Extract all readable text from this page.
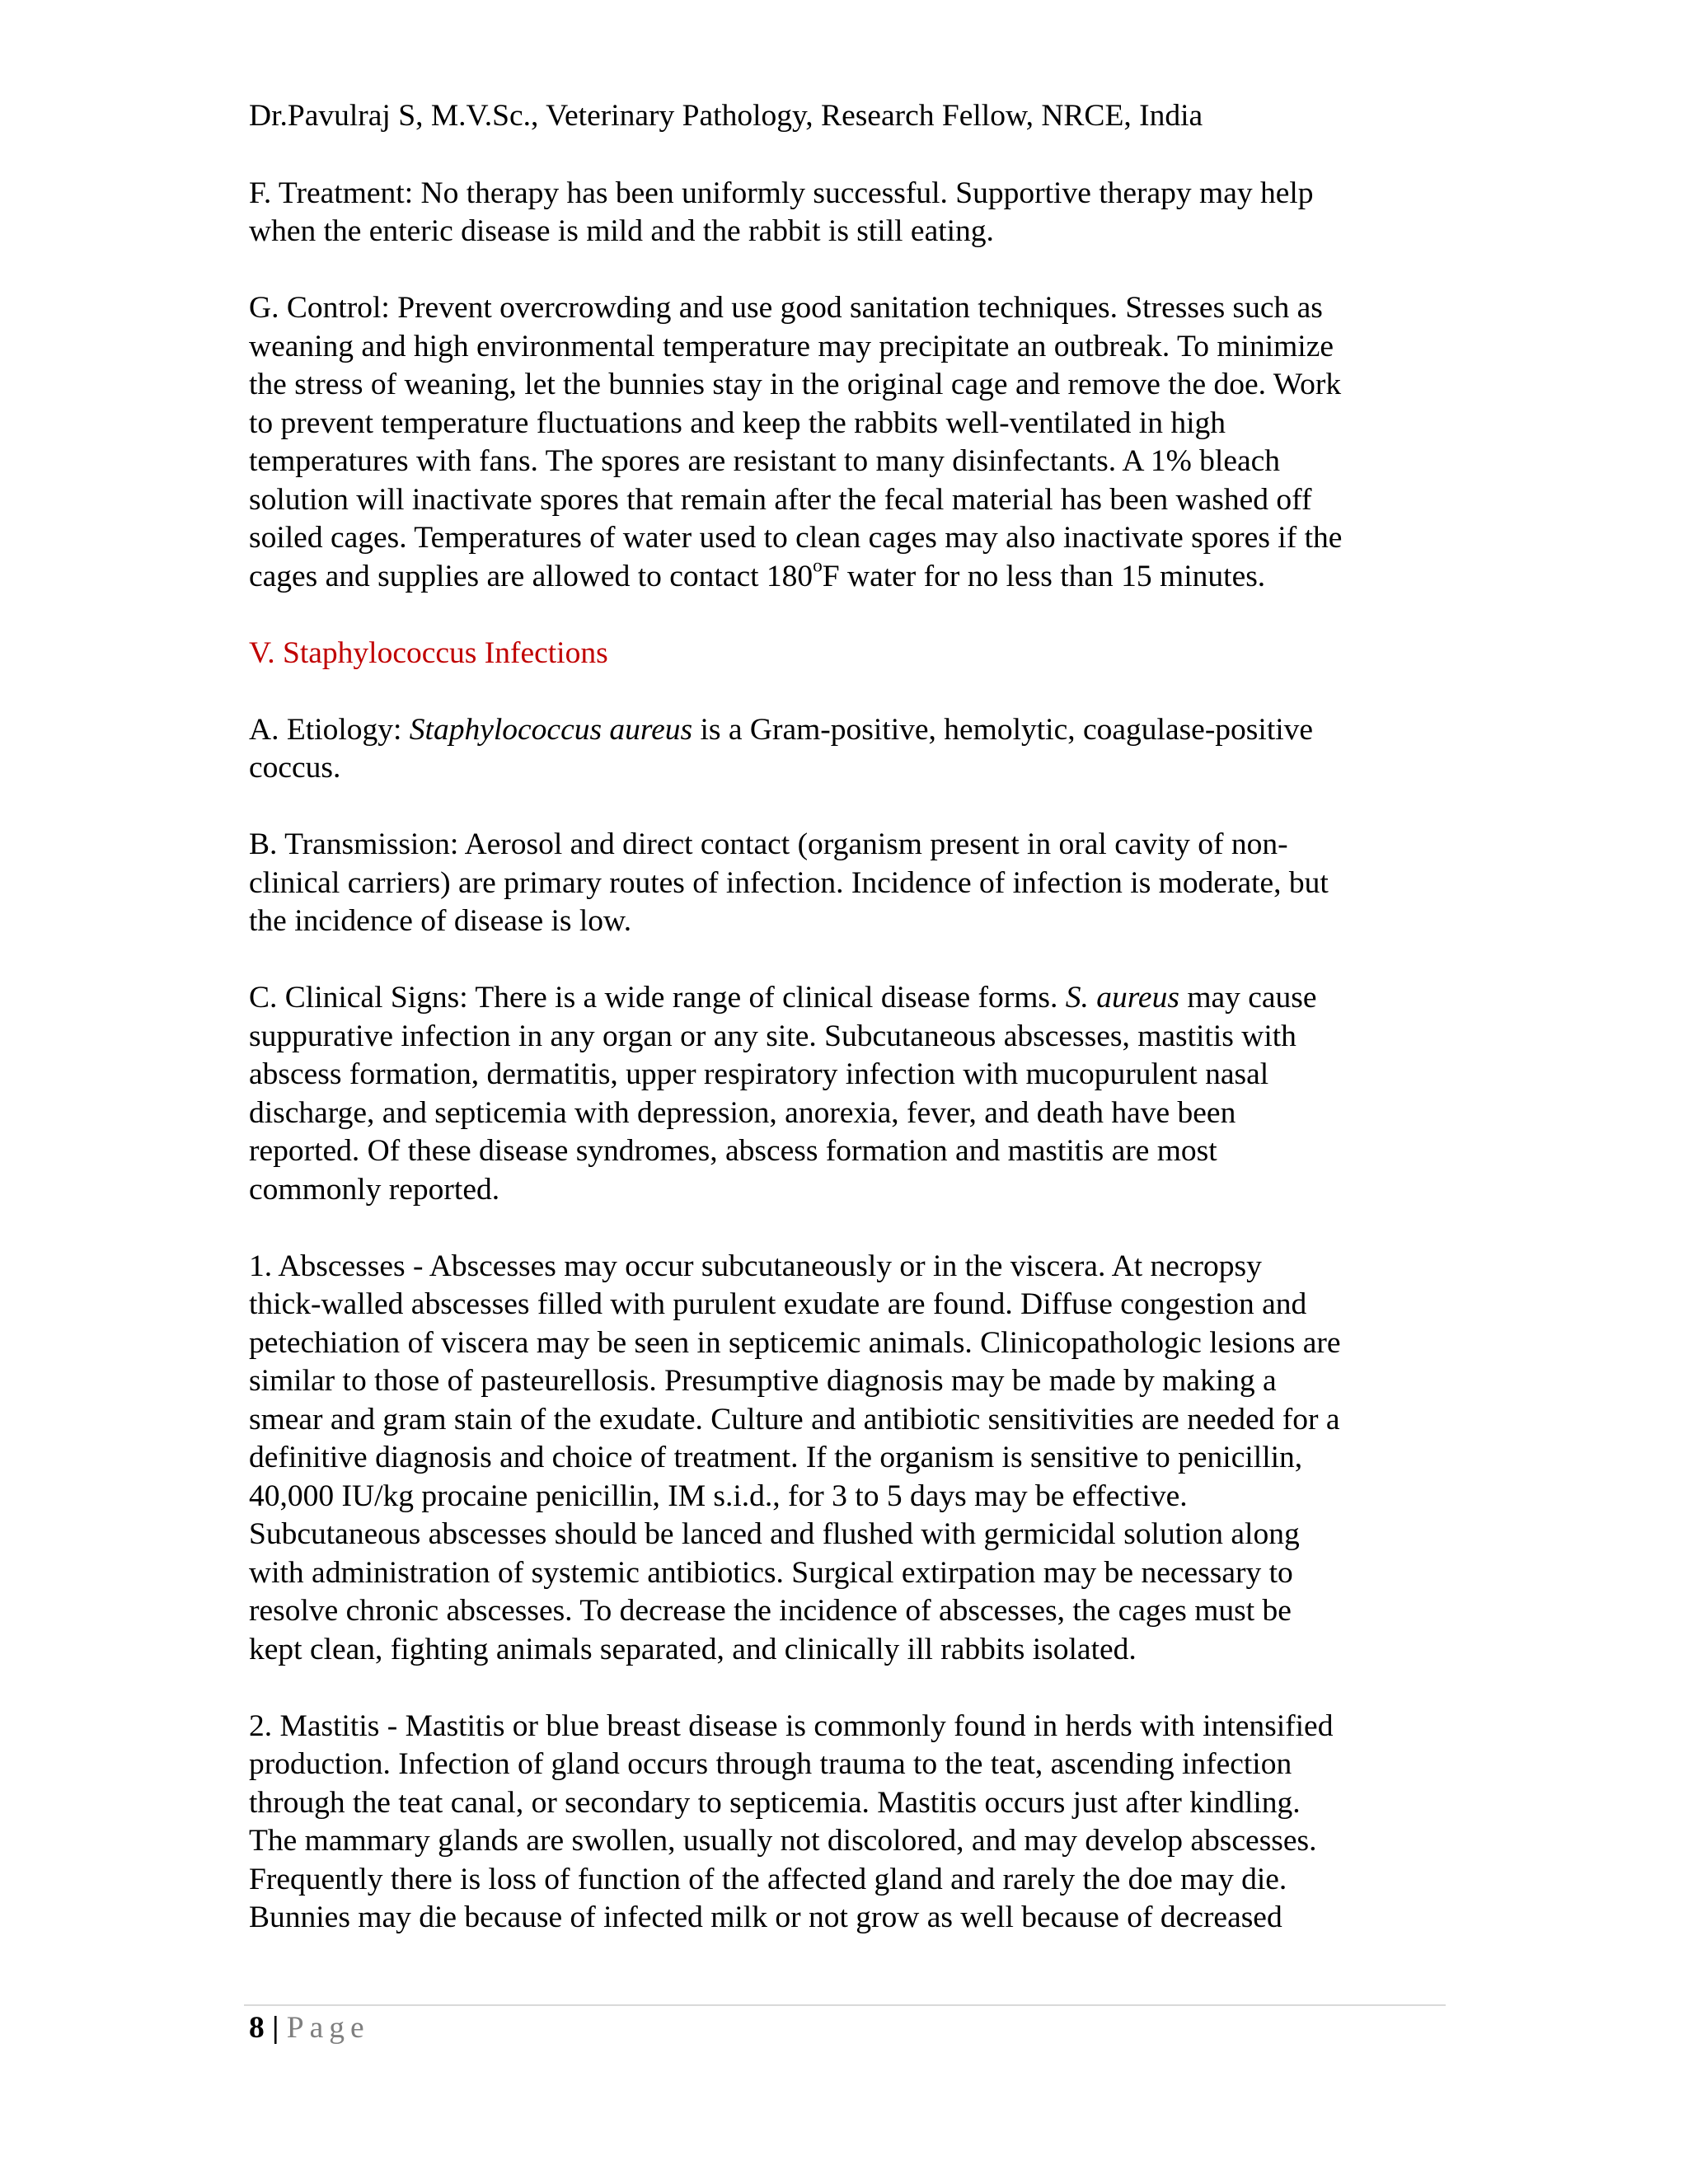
Dr.Pavulraj S, M.V.Sc., Veterinary Pathology, Research Fellow, NRCE, India
F. Treatment: No therapy has been uniformly successful. Supportive therapy may help
when the enteric disease is mild and the rabbit is still eating.
G. Control: Prevent overcrowding and use good sanitation techniques. Stresses such as
weaning and high environmental temperature may precipitate an outbreak. To minimize
the stress of weaning, let the bunnies stay in the original cage and remove the doe. Work
to prevent temperature fluctuations and keep the rabbits well-ventilated in high
temperatures with fans. The spores are resistant to many disinfectants. A 1% bleach
solution will inactivate spores that remain after the fecal material has been washed off
soiled cages. Temperatures of water used to clean cages may also inactivate spores if the
cages and supplies are allowed to contact 180$^o$F water for no less than 15 minutes.
V. Staphylococcus Infections
A. Etiology: Staphylococcus aureus is a Gram-positive, hemolytic, coagulase-positive
coccus.
B. Transmission: Aerosol and direct contact (organism present in oral cavity of non-
clinical carriers) are primary routes of infection. Incidence of infection is moderate, but
the incidence of disease is low.
C. Clinical Signs: There is a wide range of clinical disease forms. S. aureus may cause
suppurative infection in any organ or any site. Subcutaneous abscesses, mastitis with
abscess formation, dermatitis, upper respiratory infection with mucopurulent nasal
discharge, and septicemia with depression, anorexia, fever, and death have been
reported. Of these disease syndromes, abscess formation and mastitis are most
commonly reported.
1. Abscesses - Abscesses may occur subcutaneously or in the viscera. At necropsy
thick-walled abscesses filled with purulent exudate are found. Diffuse congestion and
petechiation of viscera may be seen in septicemic animals. Clinicopathologic lesions are
similar to those of pasteurellosis. Presumptive diagnosis may be made by making a
smear and gram stain of the exudate. Culture and antibiotic sensitivities are needed for a
definitive diagnosis and choice of treatment. If the organism is sensitive to penicillin,
40,000 IU/kg procaine penicillin, IM s.i.d., for 3 to 5 days may be effective.
Subcutaneous abscesses should be lanced and flushed with germicidal solution along
with administration of systemic antibiotics. Surgical extirpation may be necessary to
resolve chronic abscesses. To decrease the incidence of abscesses, the cages must be
kept clean, fighting animals separated, and clinically ill rabbits isolated.
2. Mastitis - Mastitis or blue breast disease is commonly found in herds with intensified
production. Infection of gland occurs through trauma to the teat, ascending infection
through the teat canal, or secondary to septicemia. Mastitis occurs just after kindling.
The mammary glands are swollen, usually not discolored, and may develop abscesses.
Frequently there is loss of function of the affected gland and rarely the doe may die.
Bunnies may die because of infected milk or not grow as well because of decreased
8 | Page
